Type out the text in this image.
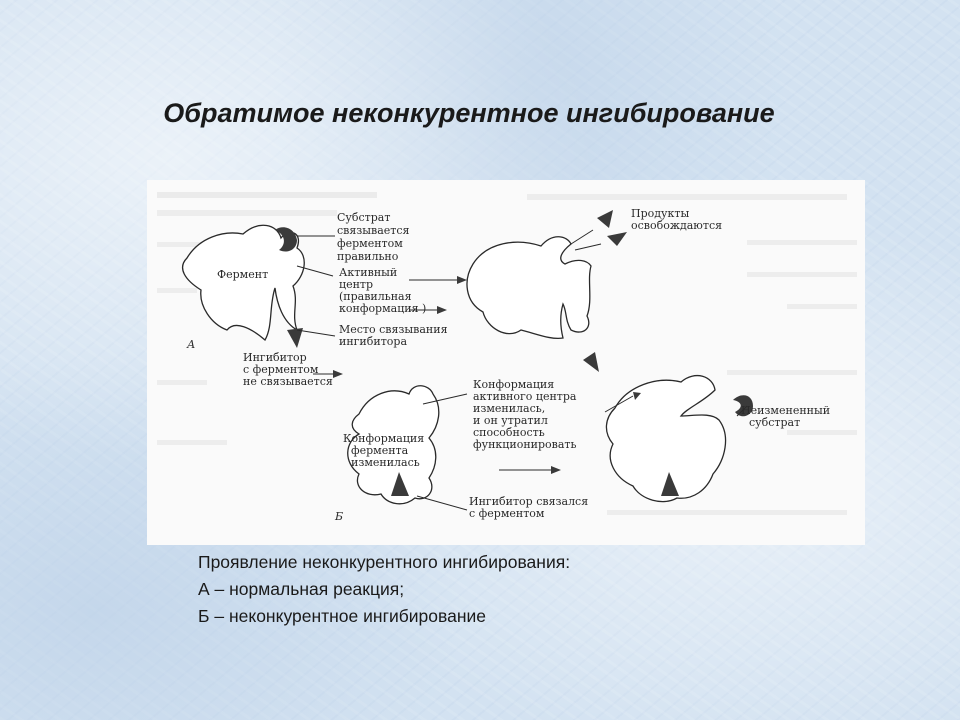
Обратимое неконкурентное ингибирование
Субстрат связывается ферментом правильно
Фермент	Активный центр (правильная конформация )
Место связывания ингибитора
А
Ингибитор с ферментом не связывается
Продукты освобождаются
Конформация активного центра изменилась, и он утратил способность функционировать
Конформация фермента изменилась
Неизмененный субстрат
Ингибитор связался с ферментом
Б
Проявление неконкурентного ингибирования:
А – нормальная реакция;
Б – неконкурентное ингибирование
